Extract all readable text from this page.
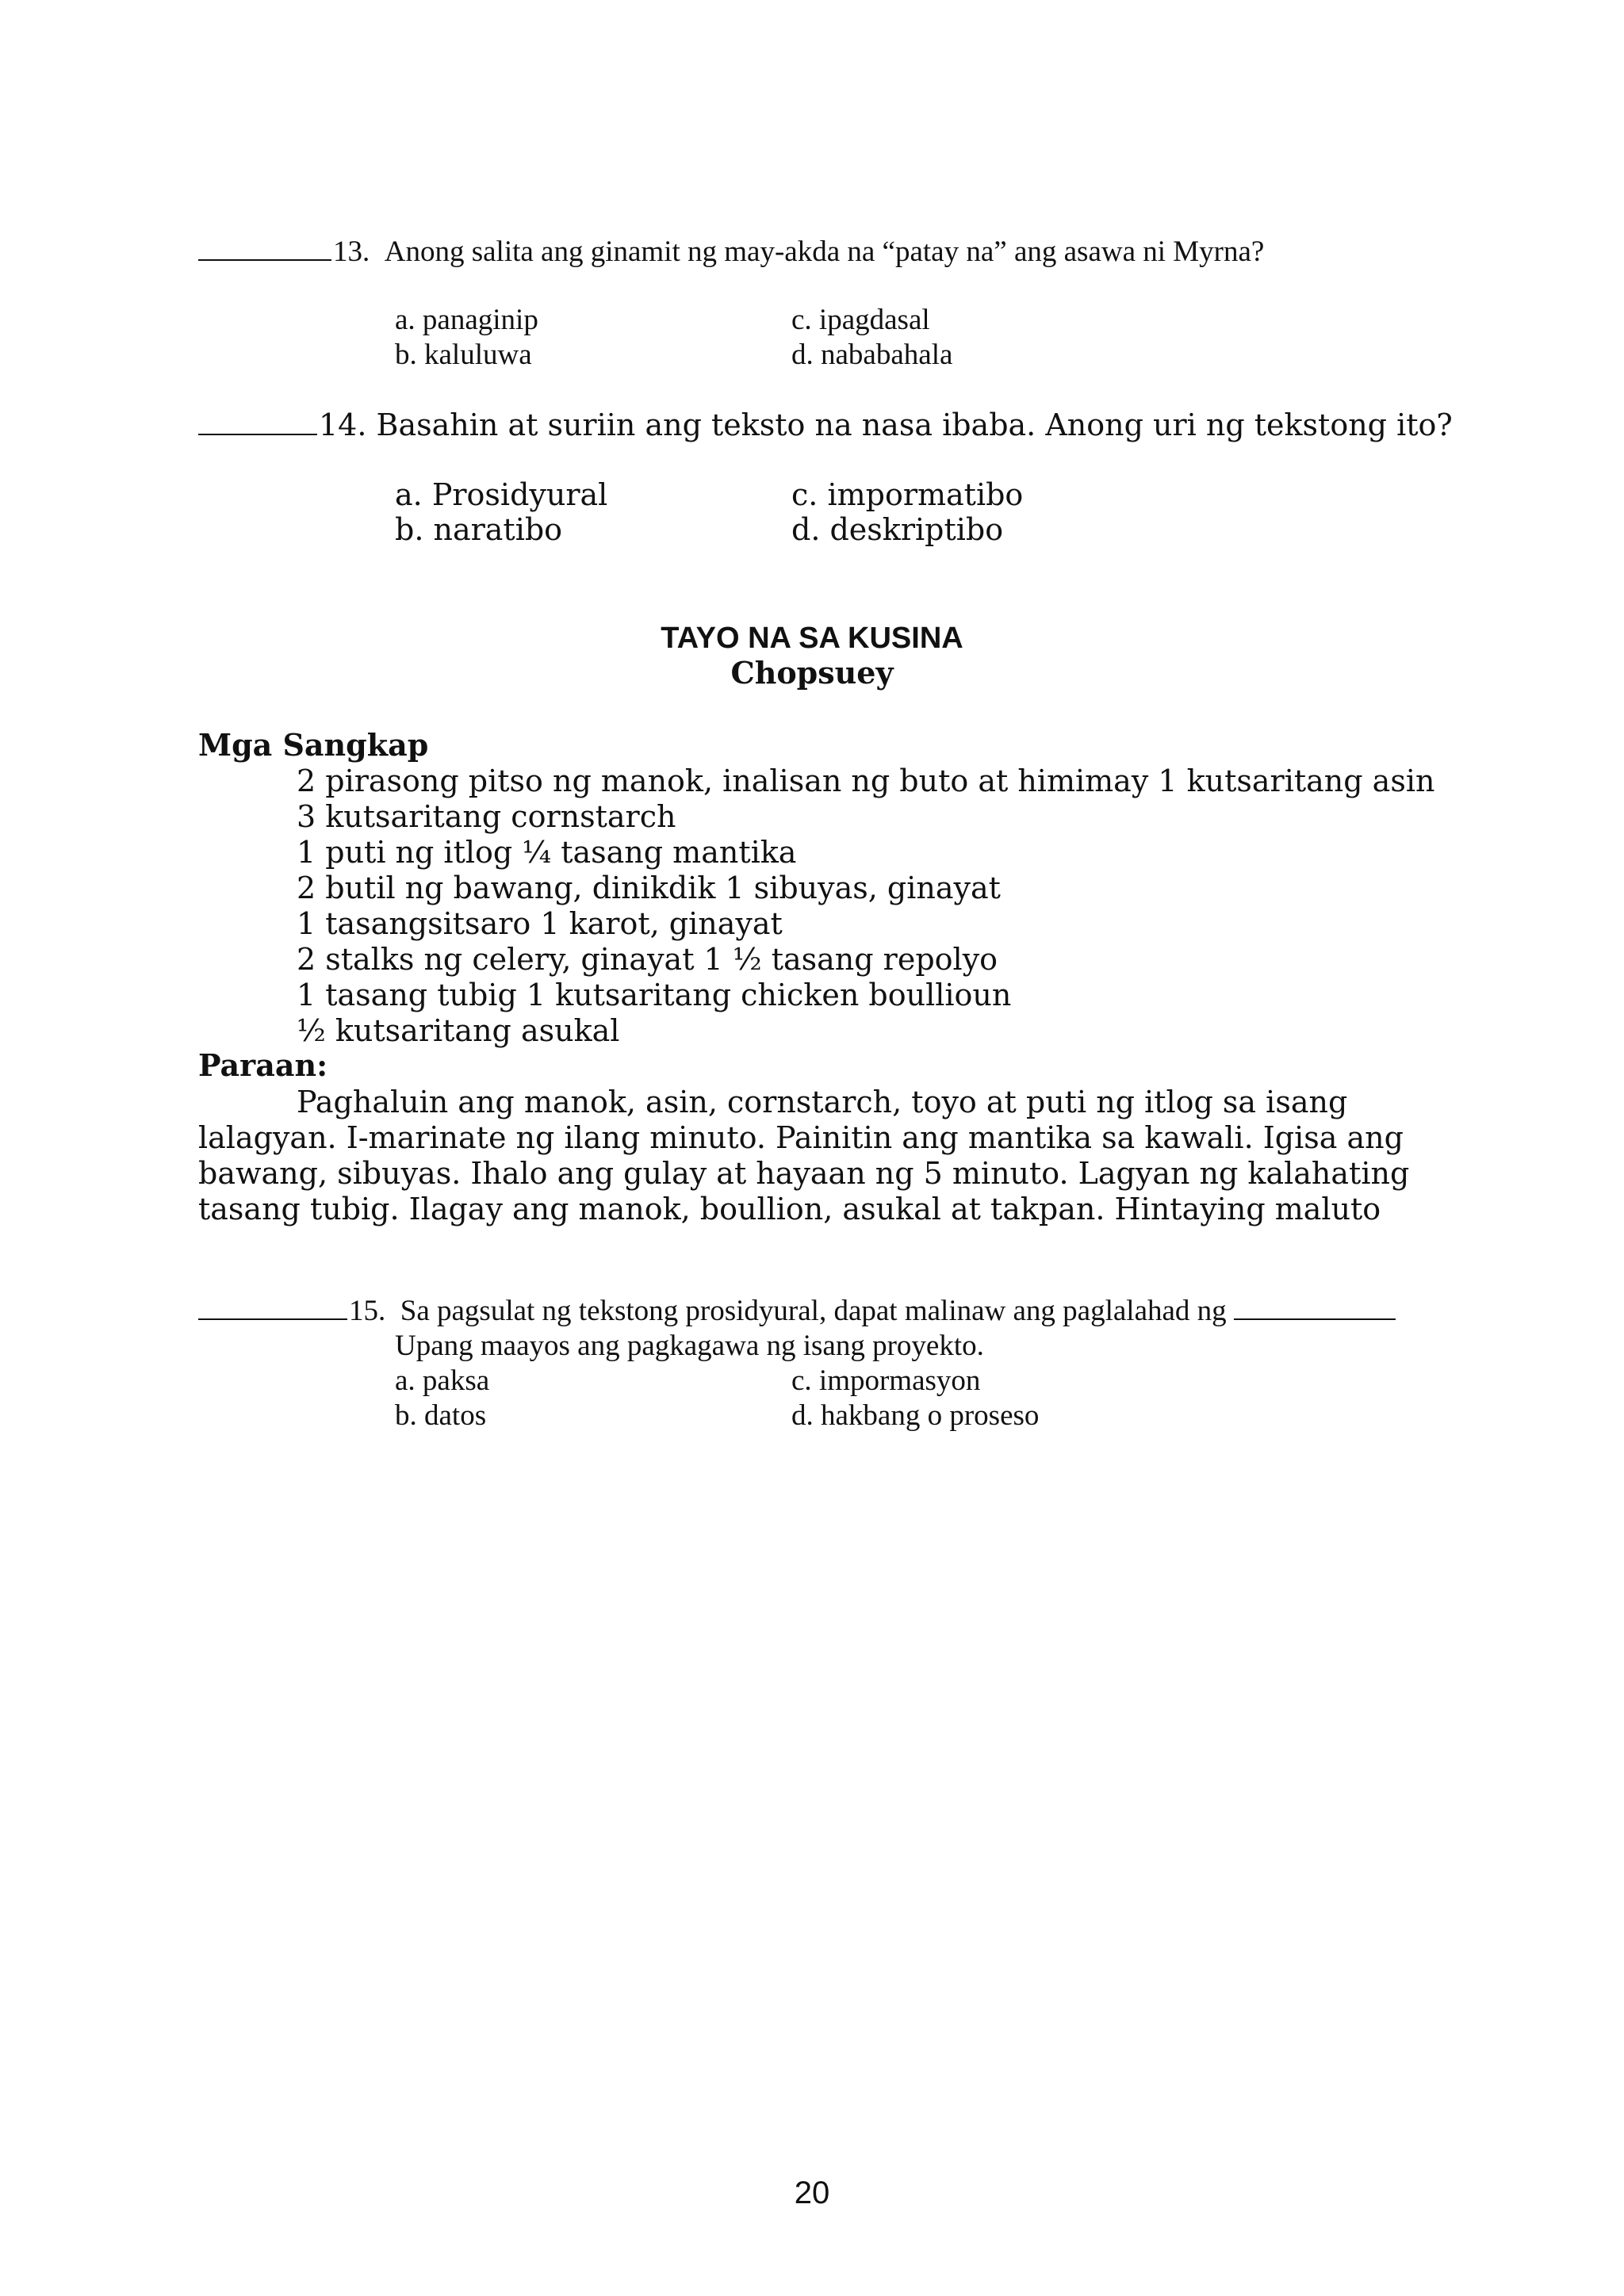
13. Anong salita ang ginamit ng may-akda na “patay na” ang asawa ni Myrna?
a. panaginip
b. kaluluwa
c. ipagdasal
d. nababahala
14. Basahin at suriin ang teksto na nasa ibaba. Anong uri ng tekstong ito?
a. Prosidyural
b. naratibo
c. impormatibo
d. deskriptibo
TAYO NA SA KUSINA
Chopsuey
Mga Sangkap
2 pirasong pitso ng manok, inalisan ng buto at himimay 1 kutsaritang asin
3 kutsaritang cornstarch
1 puti ng itlog ¼ tasang mantika
2 butil ng bawang, dinikdik 1 sibuyas, ginayat
1 tasangsitsaro 1 karot, ginayat
2 stalks ng celery, ginayat 1 ½ tasang repolyo
1 tasang tubig 1 kutsaritang chicken boullioun
½ kutsaritang asukal
Paraan:
Paghaluin ang manok, asin, cornstarch, toyo at puti ng itlog sa isang
lalagyan. I-marinate ng ilang minuto. Painitin ang mantika sa kawali. Igisa ang
bawang, sibuyas. Ihalo ang gulay at hayaan ng 5 minuto. Lagyan ng kalahating
tasang tubig. Ilagay ang manok, boullion, asukal at takpan. Hintaying maluto
15. Sa pagsulat ng tekstong prosidyural, dapat malinaw ang paglalahad ng
Upang maayos ang pagkagawa ng isang proyekto.
a. paksa
b. datos
c. impormasyon
d. hakbang o proseso
20
